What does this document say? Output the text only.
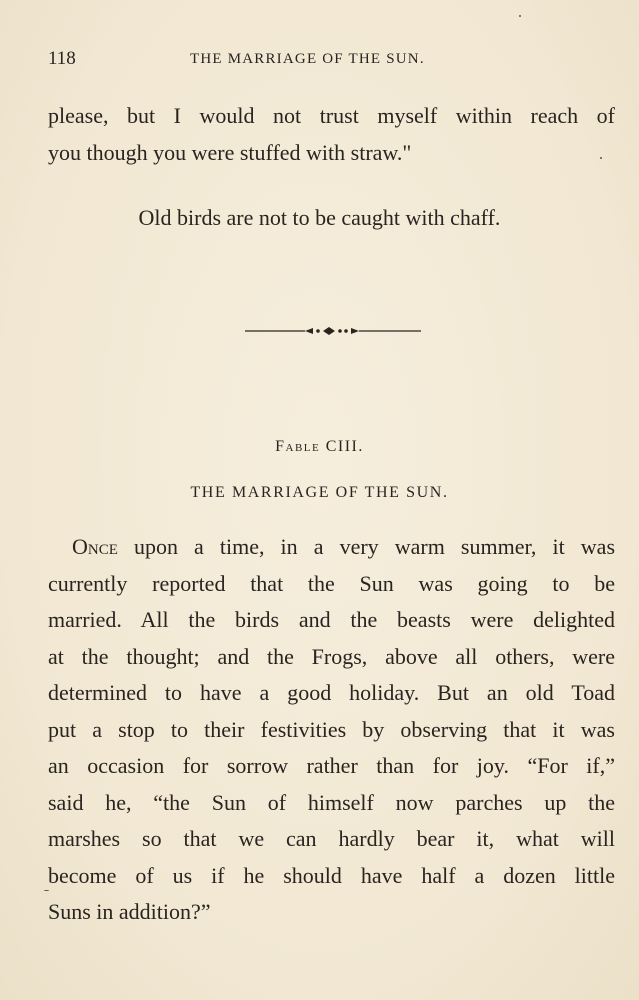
118	THE MARRIAGE OF THE SUN.
please, but I would not trust myself within reach of
you though you were stuffed with straw."
Old birds are not to be caught with chaff.
Fable CIII.
THE MARRIAGE OF THE SUN.
Once upon a time, in a very warm summer, it was
currently reported that the Sun was going to be
married. All the birds and the beasts were delighted
at the thought; and the Frogs, above all others, were
determined to have a good holiday. But an old Toad
put a stop to their festivities by observing that it was
an occasion for sorrow rather than for joy. “For if,”
said he, “the Sun of himself now parches up the
marshes so that we can hardly bear it, what will
become of us if he should have half a dozen little
Suns in addition?”
